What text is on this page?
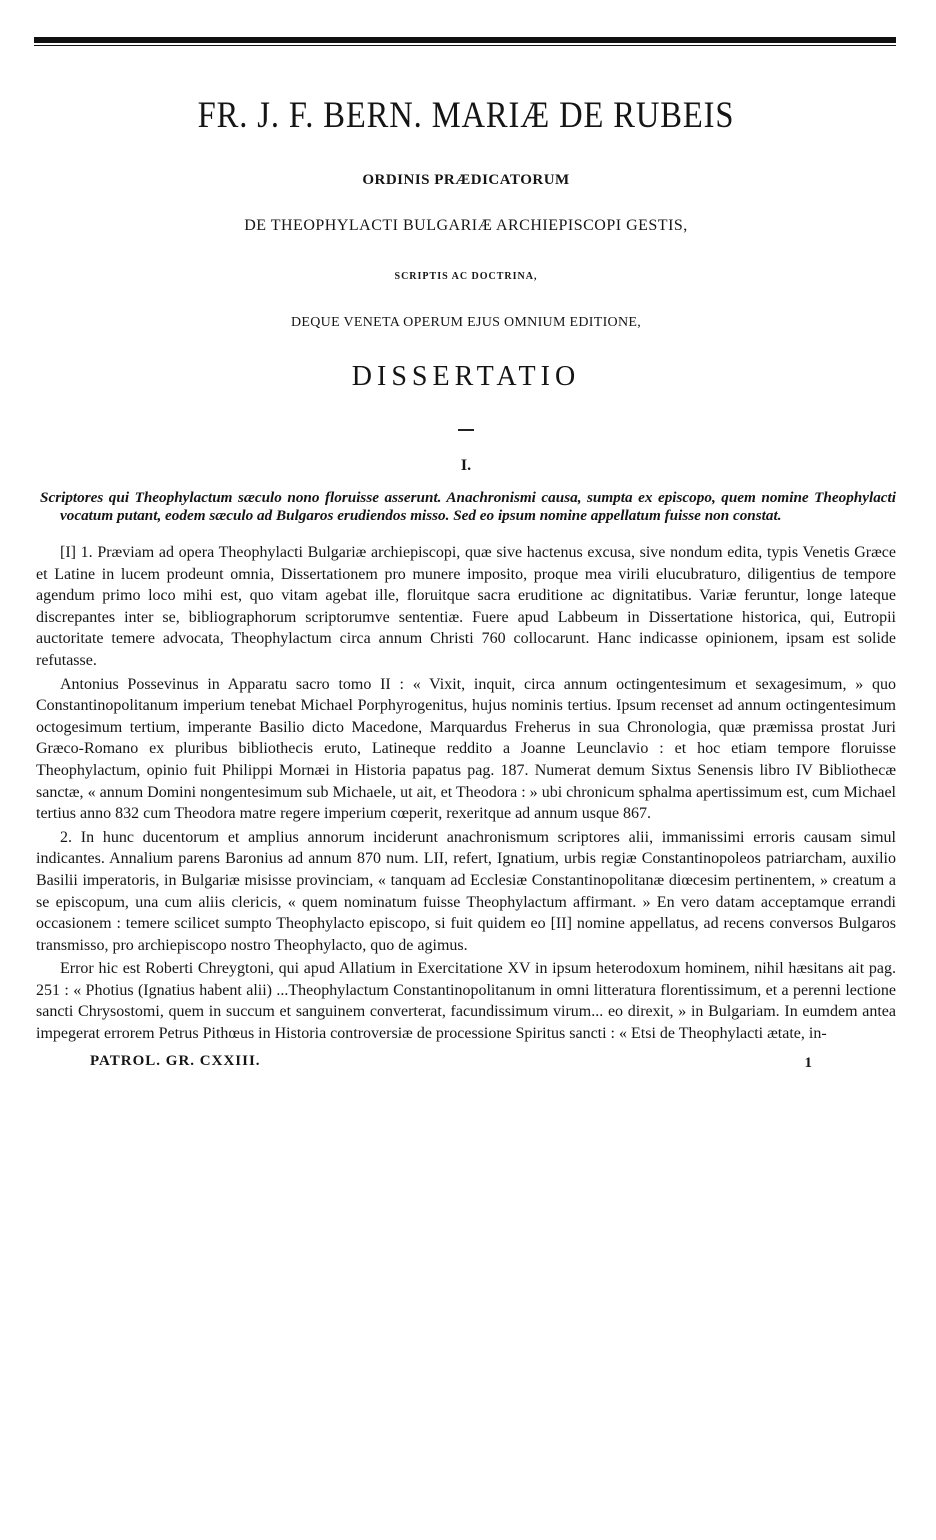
FR. J. F. BERN. MARIÆ DE RUBEIS
ORDINIS PRÆDICATORUM
DE THEOPHYLACTI BULGARIÆ ARCHIEPISCOPI GESTIS,
SCRIPTIS AC DOCTRINA,
DEQUE VENETA OPERUM EJUS OMNIUM EDITIONE,
DISSERTATIO
I.
Scriptores qui Theophylactum sæculo nono floruisse asserunt. Anachronismi causa, sumpta ex episcopo, quem nomine Theophylacti vocatum putant, eodem sæculo ad Bulgaros erudiendos misso. Sed eo ipsum nomine appellatum fuisse non constat.

[I] 1. Præviam ad opera Theophylacti Bulgariæ archiepiscopi, quæ sive hactenus excusa, sive nondum edita, typis Venetis Græce et Latine in lucem prodeunt omnia, Dissertationem pro munere imposito, proque mea virili elucubraturo, diligentius de tempore agendum primo loco mihi est, quo vitam agebat ille, floruitque sacra eruditione ac dignitatibus. Variæ feruntur, longe lateque discrepantes inter se, bibliographorum scriptorumve sententiæ. Fuere apud Labbeum in Dissertatione historica, qui, Eutropii auctoritate temere advocata, Theophylactum circa annum Christi 760 collocarunt. Hanc indicasse opinionem, ipsam est solide refutasse.

Antonius Possevinus in Apparatu sacro tomo II : « Vixit, inquit, circa annum octingentesimum et sexagesimum, » quo Constantinopolitanum imperium tenebat Michael Porphyrogenitus, hujus nominis tertius. Ipsum recenset ad annum octingentesimum octogesimum tertium, imperante Basilio dicto Macedone, Marquardus Freherus in sua Chronologia, quæ præmissa prostat Juri Græco-Romano ex pluribus bibliothecis eruto, Latineque reddito a Joanne Leunclavio : et hoc etiam tempore floruisse Theophylactum, opinio fuit Philippi Mornæi in Historia papatus pag. 187. Numerat demum Sixtus Senensis libro IV Bibliothecæ sanctæ, « annum Domini nongentesimum sub Michaele, ut ait, et Theodora : » ubi chronicum sphalma apertissimum est, cum Michael tertius anno 832 cum Theodora matre regere imperium cœperit, rexeritque ad annum usque 867.

2. In hunc ducentorum et amplius annorum inciderunt anachronismum scriptores alii, immanissimi erroris causam simul indicantes. Annalium parens Baronius ad annum 870 num. LII, refert, Ignatium, urbis regiæ Constantinopoleos patriarcham, auxilio Basilii imperatoris, in Bulgariæ misisse provinciam, « tanquam ad Ecclesiæ Constantinopolitanæ diœcesim pertinentem, » creatum a se episcopum, una cum aliis clericis, « quem nominatum fuisse Theophylactum affirmant. » En vero datam acceptamque errandi occasionem : temere scilicet sumpto Theophylacto episcopo, si fuit quidem eo [II] nomine appellatus, ad recens conversos Bulgaros transmisso, pro archiepiscopo nostro Theophylacto, quo de agimus.

Error hic est Roberti Chreygtoni, qui apud Allatium in Exercitatione XV in ipsum heterodoxum hominem, nihil hæsitans ait pag. 251 : « Photius (Ignatius habent alii) ...Theophylactum Constantinopolitanum in omni litteratura florentissimum, et a perenni lectione sancti Chrysostomi, quem in succum et sanguinem converterat, facundissimum virum... eo direxit, » in Bulgariam. In eumdem antea impegerat errorem Petrus Pithœus in Historia controversiæ de processione Spiritus sancti : « Etsi de Theophylacti ætate, in-

PATROL. GR. CXXIII.	1
